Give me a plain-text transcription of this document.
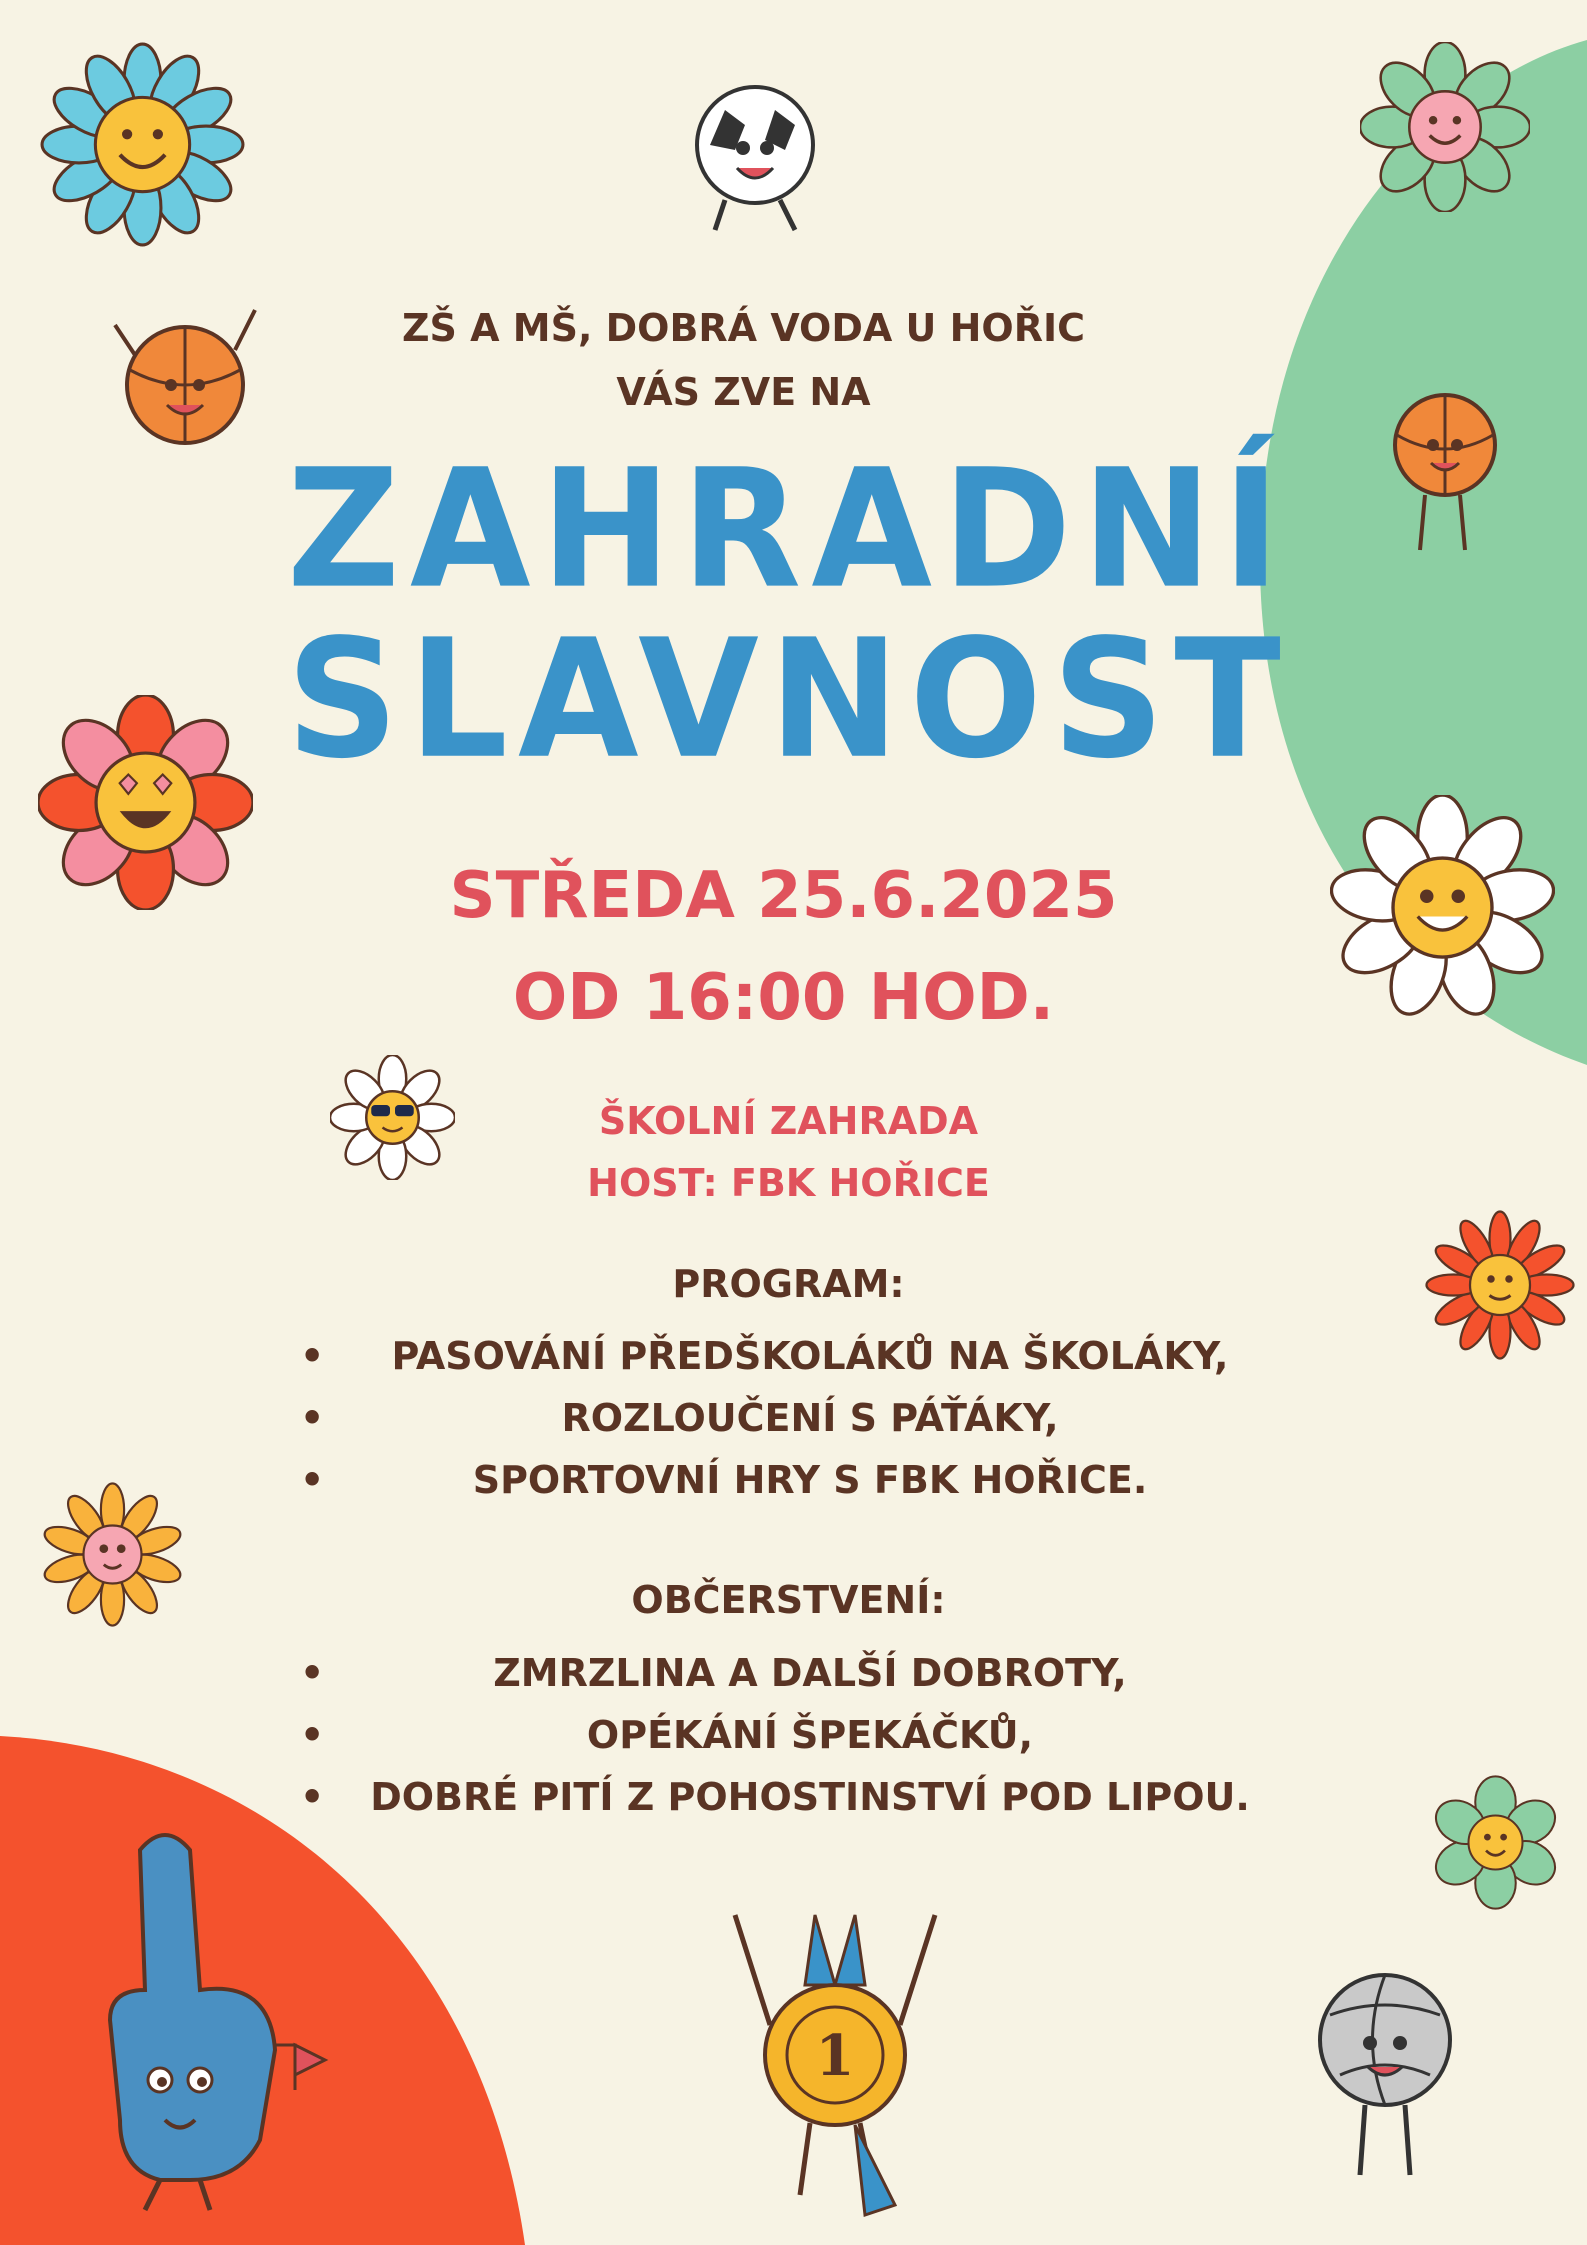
1
ZŠ A MŠ, DOBRÁ VODA U HOŘIC
VÁS ZVE NA
ZAHRADNÍ
SLAVNOST
STŘEDA 25.6.2025
OD 16:00 HOD.
ŠKOLNÍ ZAHRADA
HOST: FBK HOŘICE
PROGRAM:
• PASOVÁNÍ PŘEDŠKOLÁKŮ NA ŠKOLÁKY,
• ROZLOUČENÍ S PÁŤÁKY,
• SPORTOVNÍ HRY S FBK HOŘICE.
OBČERSTVENÍ:
• ZMRZLINA A DALŠÍ DOBROTY,
• OPÉKÁNÍ ŠPEKÁČKŮ,
• DOBRÉ PITÍ Z POHOSTINSTVÍ POD LIPOU.
